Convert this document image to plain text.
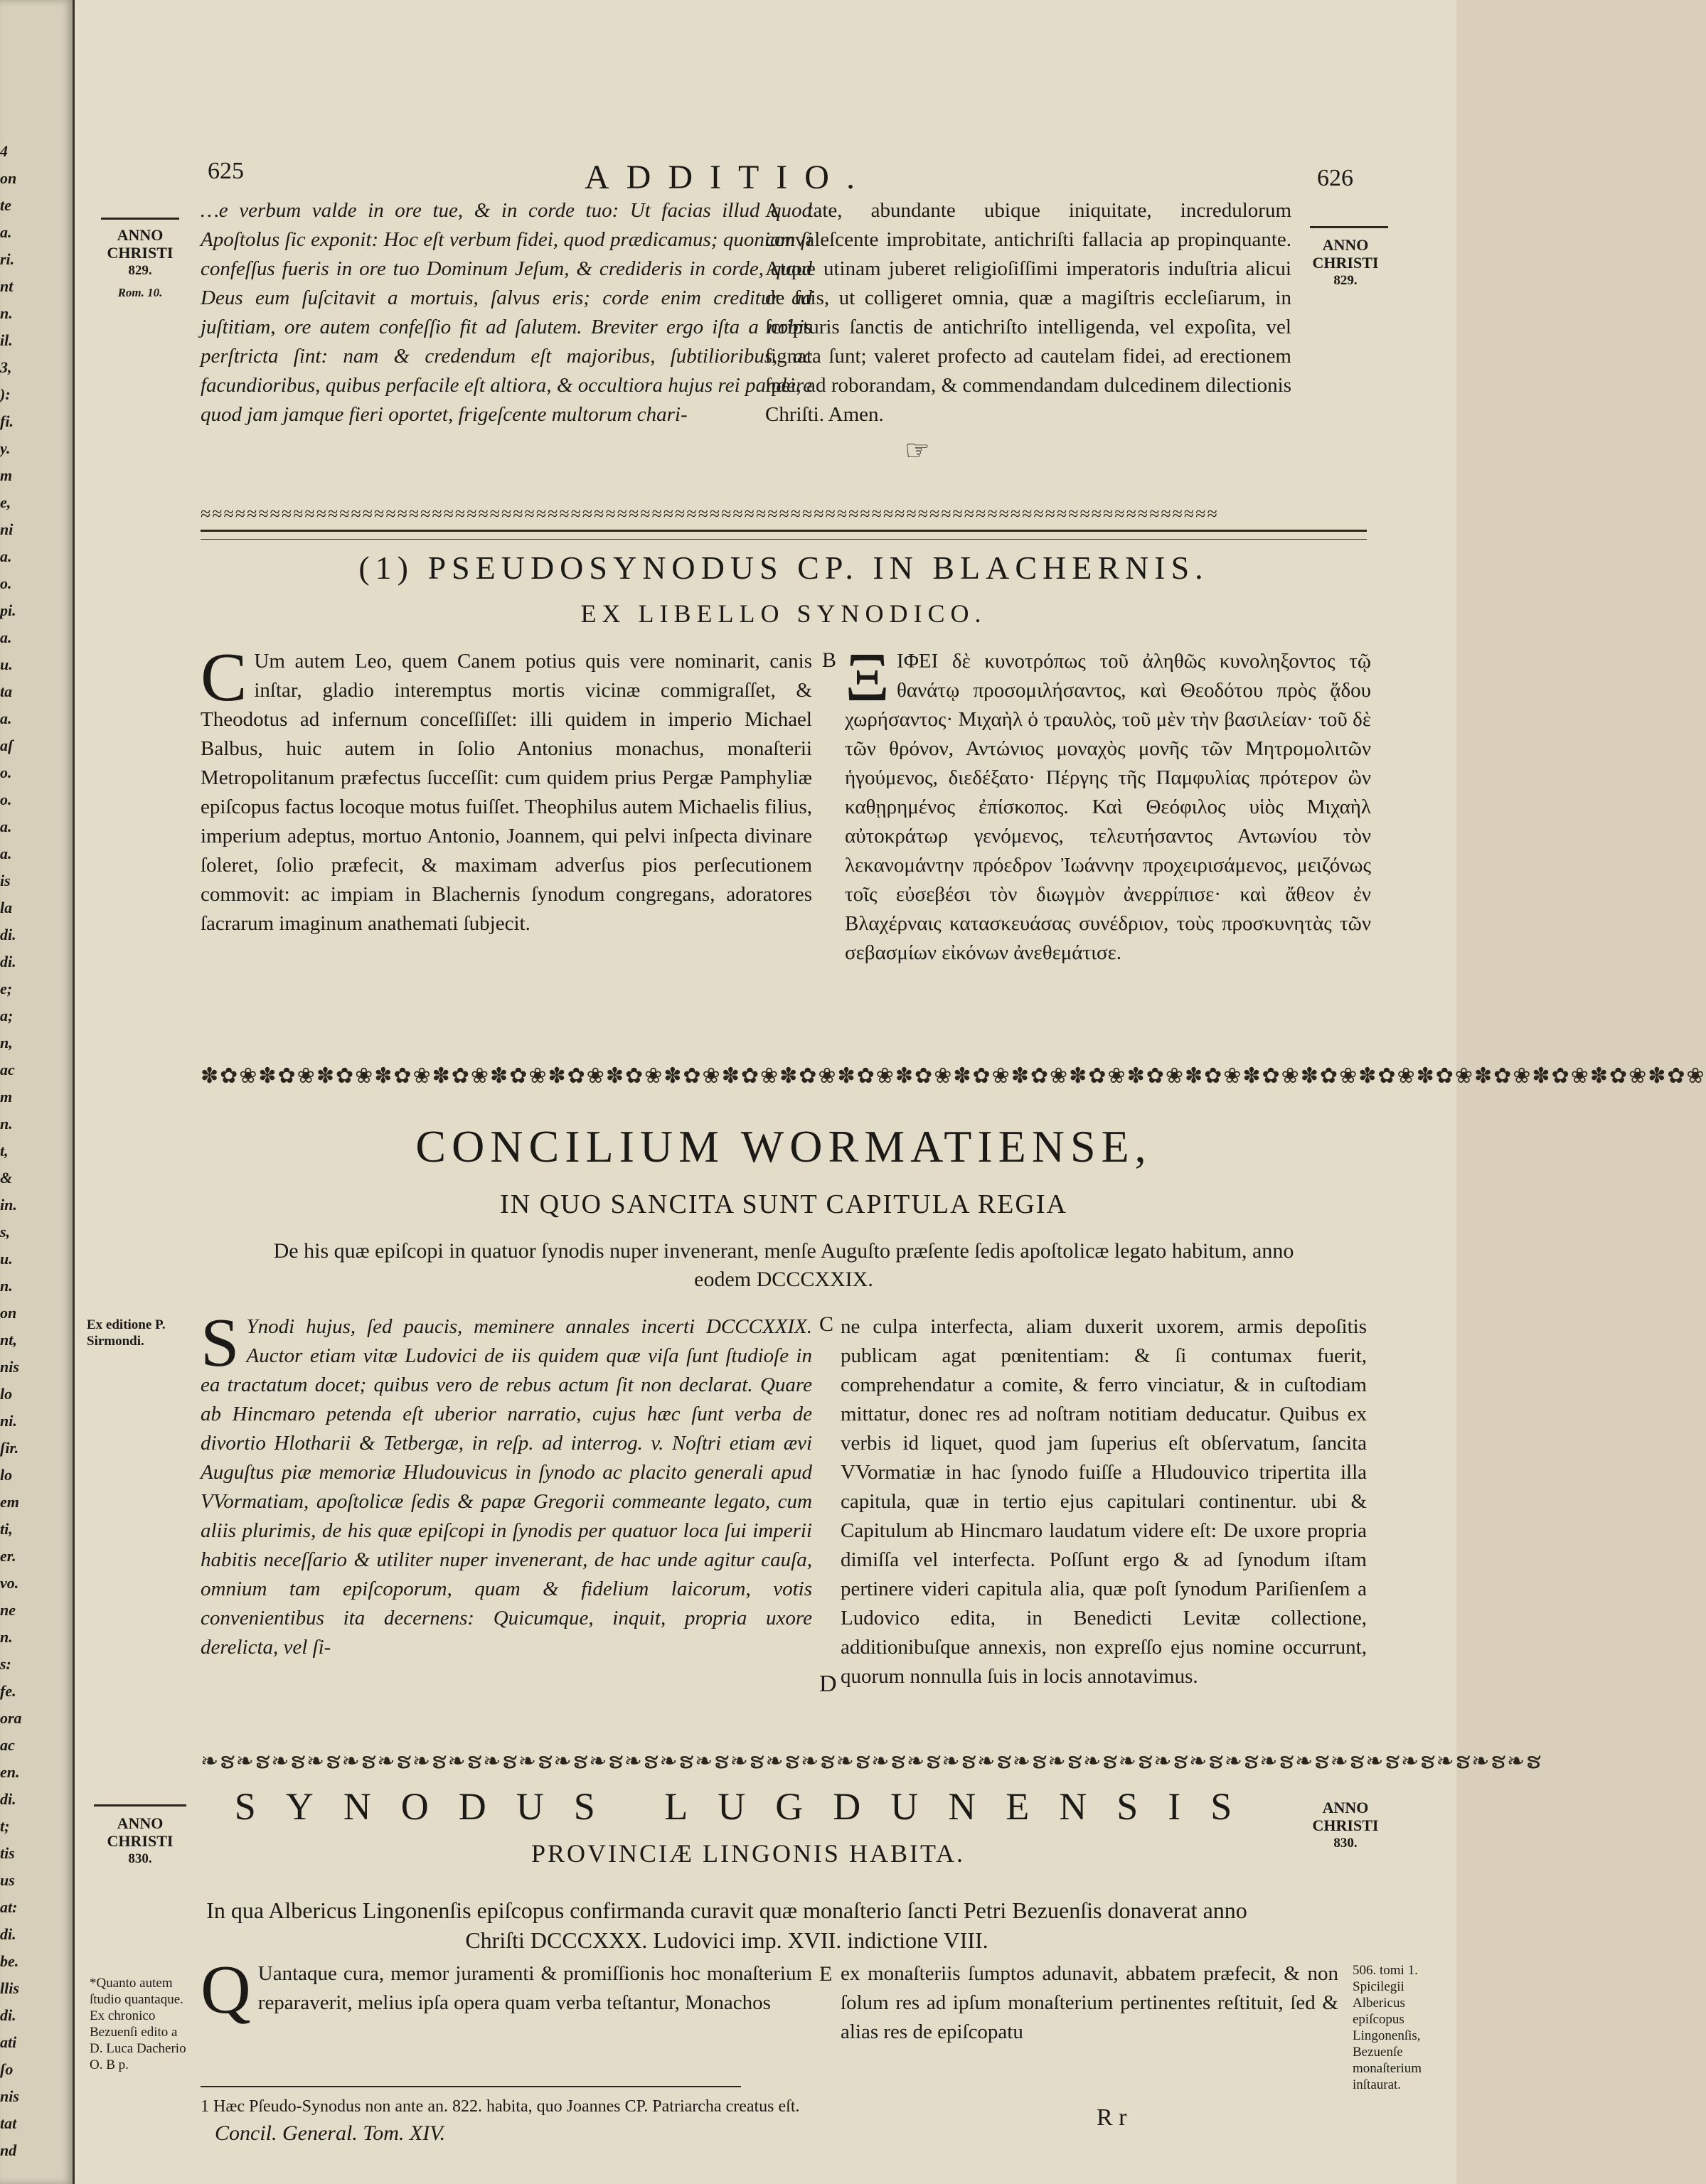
4
on
te
a.
ri.
nt
n.
il.
3,
):
fi.
y.
m
e,
ni
a.
o.
pi.
a.
u.
ta
a.
aſ
o.
o.
a.
a.
is
la
di.
di.
e;
a;
n,
ac
m
n.
t,
&
in.
s,
u.
n.
on
nt,
nis
lo
ni.
ſir.
lo
em
ti,
er.
vo.
ne
n.
s:
fe.
ora
ac
en.
di.
t;
tis
us
at:
di.
be.
llis
di.
ati
ſo
nis
tat
nd
625	ADDITIO.	626
ANNO
CHRISTI
829.
Rom. 10.
ANNO
CHRISTI
829.
…e verbum valde in ore tue, & in corde tuo: Ut facias illud quod Apoſtolus ſic exponit: Hoc eſt verbum fidei, quod prædicamus; quoniam ſi confeſſus fueris in ore tuo Dominum Jeſum, & credideris in corde, quod Deus eum ſuſcitavit a mortuis, ſalvus eris; corde enim creditur ad juſtitiam, ore autem confeſſio fit ad ſalutem. Breviter ergo iſta a nobis perſtricta ſint: nam & credendum eſt majoribus, ſubtilioribus, ac facundioribus, quibus perfacile eſt altiora, & occultiora hujus rei pandere quod jam jamque fieri oportet, frigeſcente multorum chari-
A tate, abundante ubique iniquitate, incredulorum convaleſcente improbitate, antichriſti fallacia ap propinquante. Atque utinam juberet religioſiſſimi imperatoris induſtria alicui de ſuis, ut colligeret omnia, quæ a magiſtris eccleſiarum, in ſcripturis ſanctis de antichriſto intelligenda, vel expoſita, vel ſignata ſunt; valeret profecto ad cautelam fidei, ad erectionem ſpei, ad roborandam, & commendandam dulcedinem dilectionis Chriſti. Amen.
☞
≈≈≈≈≈≈≈≈≈≈≈≈≈≈≈≈≈≈≈≈≈≈≈≈≈≈≈≈≈≈≈≈≈≈≈≈≈≈≈≈≈≈≈≈≈≈≈≈≈≈≈≈≈≈≈≈≈≈≈≈≈≈≈≈≈≈≈≈≈≈≈≈≈≈≈≈≈≈≈≈≈≈≈≈≈≈≈≈
(1) PSEUDOSYNODUS CP. IN BLACHERNIS.
EX LIBELLO SYNODICO.

C Um autem Leo, quem Canem potius quis vere nominarit, canis inſtar, gladio interemptus mortis vicinæ commigraſſet, & Theodotus ad infernum conceſſiſſet: illi quidem in imperio Michael Balbus, huic autem in ſolio Antonius monachus, monaſterii Metropolitanum præfectus ſucceſſit: cum quidem prius Pergæ Pamphyliæ epiſcopus factus locoque motus fuiſſet. Theophilus autem Michaelis filius, imperium adeptus, mortuo Antonio, Joannem, qui pelvi inſpecta divinare ſoleret, ſolio præfecit, & maximam adverſus pios perſecutionem commovit: ac impiam in Blachernis ſynodum congregans, adoratores ſacrarum imaginum anathemati ſubjecit.

B ΞΙΦΕΙ δὲ κυνοτρόπως τοῦ ἀληθῶς κυνοληξοντος τῷ θανάτῳ προσομιλήσαντος, καὶ Θεοδότου πρὸς ᾅδου χωρήσαντος· Μιχαὴλ ὁ τραυλὸς, τοῦ μὲν τὴν βασιλείαν· τοῦ δὲ τῶν θρόνον, Αντώνιος μοναχὸς μονῆς τῶν Μητρομολιτῶν ἡγούμενος, διεδέξατο· Πέργης τῆς Παμφυλίας πρότερον ὢν καθῃρημένος ἐπίσκοπος. Καὶ Θεόφιλος υἱὸς Μιχαὴλ αὐτοκράτωρ γενόμενος, τελευτήσαντος Αντωνίου τὸν λεκανομάντην πρόεδρον Ἰωάννην προχειρισάμενος, μειζόνως τοῖς εὐσεβέσι τὸν διωγμὸν ἀνερρίπισε· καὶ ἄθεον ἐν Βλαχέρναις κατασκευάσας συνέδριον, τοὺς προσκυνητὰς τῶν σεβασμίων εἰκόνων ἀνεθεμάτισε.

✽✿❀✽✿❀✽✿❀✽✿❀✽✿❀✽✿❀✽✿❀✽✿❀✽✿❀✽✿❀✽✿❀✽✿❀✽✿❀✽✿❀✽✿❀✽✿❀✽✿❀✽✿❀✽✿❀✽✿❀✽✿❀✽✿❀✽✿❀✽✿❀✽✿❀✽✿❀
CONCILIUM WORMATIENSE,
IN QUO SANCITA SUNT CAPITULA REGIA
De his quæ epiſcopi in quatuor ſynodis nuper invenerant, menſe Auguſto præſente ſedis apoſtolicæ legato habitum, anno eodem DCCCXXIX.
Ex editione P. Sirmondi. S Ynodi hujus, ſed paucis, meminere annales incerti DCCCXXIX. Auctor etiam vitæ Ludovici de iis quidem quæ viſa ſunt ſtudioſe in ea tractatum docet; quibus vero de rebus actum ſit non declarat. Quare ab Hincmaro petenda eſt uberior narratio, cujus hæc ſunt verba de divortio Hlotharii & Tetbergæ, in reſp. ad interrog. v. Noſtri etiam ævi Auguſtus piæ memoriæ Hludouvicus in ſynodo ac placito generali apud VVormatiam, apoſtolicæ ſedis & papæ Gregorii commeante legato, cum aliis plurimis, de his quæ epiſcopi in ſynodis per quatuor loca ſui imperii habitis neceſſario & utiliter nuper invenerant, de hac unde agitur cauſa, omnium tam epiſcoporum, quam & fidelium laicorum, votis convenientibus ita decernens: Quicumque, inquit, propria uxore derelicta, vel ſi-

C
D
ne culpa interfecta, aliam duxerit uxorem, armis depoſitis publicam agat pœnitentiam: & ſi contumax fuerit, comprehendatur a comite, & ferro vinciatur, & in cuſtodiam mittatur, donec res ad noſtram notitiam deducatur. Quibus ex verbis id liquet, quod jam ſuperius eſt obſervatum, ſancita VVormatiæ in hac ſynodo fuiſſe a Hludouvico tripertita illa capitula, quæ in tertio ejus capitulari continentur. ubi & Capitulum ab Hincmaro laudatum videre eſt: De uxore propria dimiſſa vel interfecta. Poſſunt ergo & ad ſynodum iſtam pertinere videri capitula alia, quæ poſt ſynodum Pariſienſem a Ludovico edita, in Benedicti Levitæ collectione, additionibuſque annexis, non expreſſo ejus nomine occurrunt, quorum nonnulla ſuis in locis annotavimus.
❧ຮ❧ຮ❧ຮ❧ຮ❧ຮ❧ຮ❧ຮ❧ຮ❧ຮ❧ຮ❧ຮ❧ຮ❧ຮ❧ຮ❧ຮ❧ຮ❧ຮ❧ຮ❧ຮ❧ຮ❧ຮ❧ຮ❧ຮ❧ຮ❧ຮ❧ຮ❧ຮ❧ຮ❧ຮ❧ຮ❧ຮ❧ຮ❧ຮ❧ຮ❧ຮ❧ຮ❧ຮ❧ຮ
ANNO
CHRISTI
830.
ANNO
CHRISTI
830.
SYNODUS LUGDUNENSIS
PROVINCIÆ LINGONIS HABITA.
In qua Albericus Lingonenſis epiſcopus confirmanda curavit quæ monaſterio ſancti Petri Bezuenſis donaverat anno Chriſti DCCCXXX. Ludovici imp. XVII. indictione VIII.
*Quanto autem ſtudio quantaque. Ex chronico Bezuenſi edito a D. Luca Dacherio O. B p.

Q Uantaque cura, memor juramenti & promiſſionis hoc monaſterium reparaverit, melius ipſa opera quam verba teſtantur, Monachos

E ex monaſteriis ſumptos adunavit, abbatem præfecit, & non ſolum res ad ipſum monaſterium pertinentes reſtituit, ſed & alias res de epiſcopatu
506. tomi 1. Spicilegii Albericus epiſcopus Lingonenſis, Bezuenſe monaſterium inſtaurat.
1 Hæc Pſeudo-Synodus non ante an. 822. habita, quo Joannes CP. Patriarcha creatus eſt.
Concil. General. Tom. XIV.
R r
